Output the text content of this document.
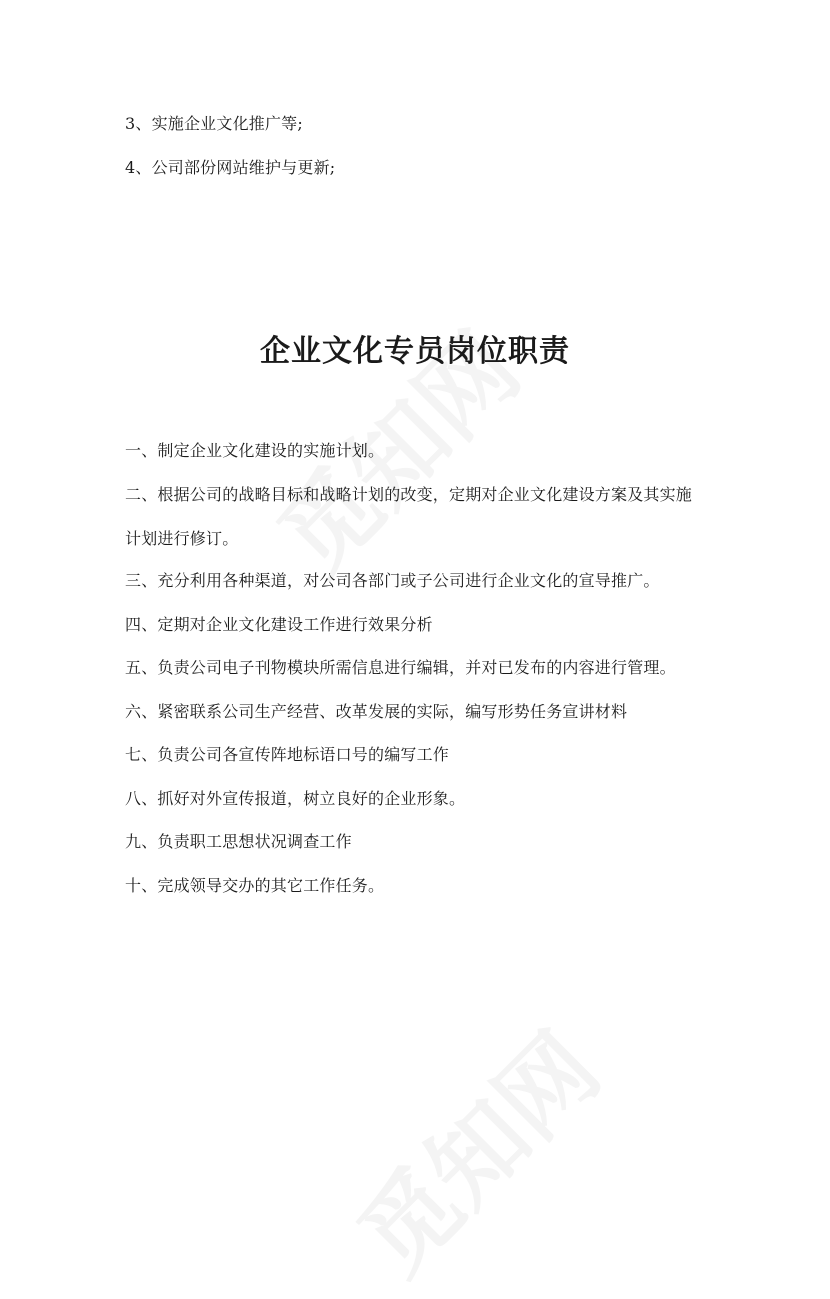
3、实施企业文化推广等;
4、公司部份网站维护与更新;
企业文化专员岗位职责
一、制定企业文化建设的实施计划。
二、根据公司的战略目标和战略计划的改变，定期对企业文化建设方案及其实施
计划进行修订。
三、充分利用各种渠道，对公司各部门或子公司进行企业文化的宣导推广。
四、定期对企业文化建设工作进行效果分析
五、负责公司电子刊物模块所需信息进行编辑，并对已发布的内容进行管理。
六、紧密联系公司生产经营、改革发展的实际，编写形势任务宣讲材料
七、负责公司各宣传阵地标语口号的编写工作
八、抓好对外宣传报道，树立良好的企业形象。
九、负责职工思想状况调查工作
十、完成领导交办的其它工作任务。
